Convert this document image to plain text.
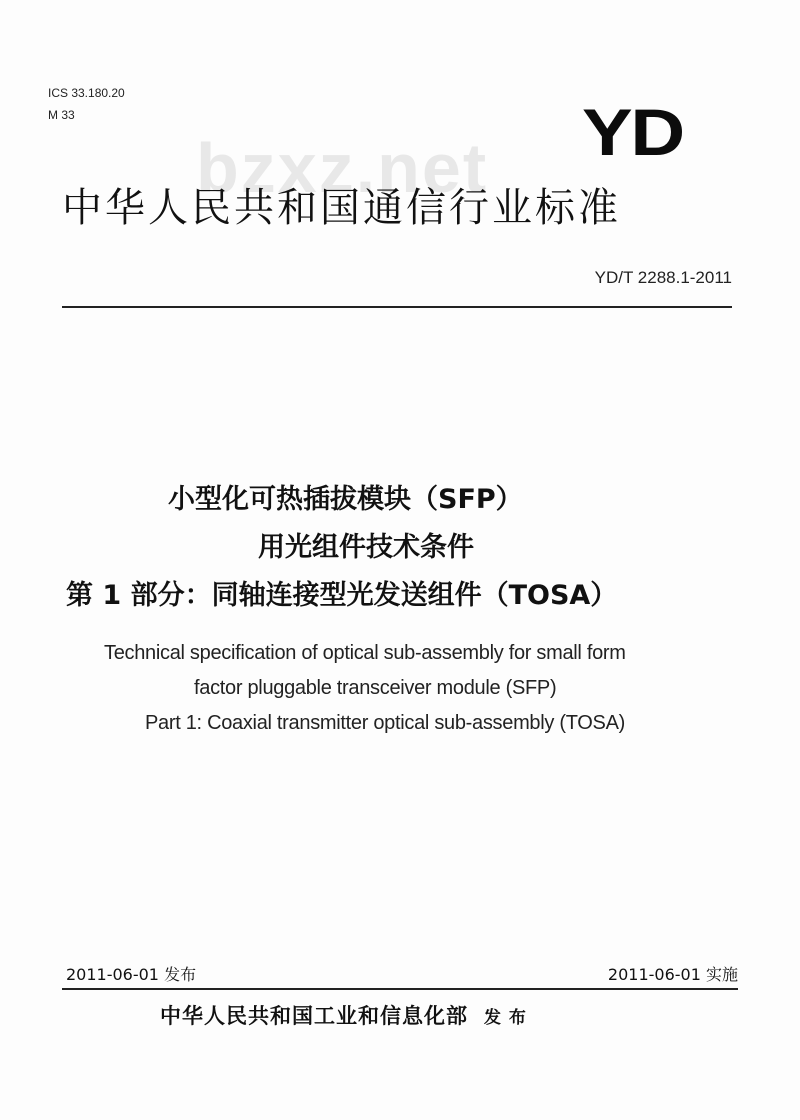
ICS 33.180.20
M 33
bzxz.net YD
中华人民共和国通信行业标准
YD/T 2288.1-2011
小型化可热插拔模块（SFP）
用光组件技术条件
第 1 部分：同轴连接型光发送组件（TOSA）
Technical specification of optical sub-assembly for small form
factor pluggable transceiver module (SFP)
Part 1: Coaxial transmitter optical sub-assembly (TOSA)
2011-06-01 发布	2011-06-01 实施
中华人民共和国工业和信息化部 发 布
